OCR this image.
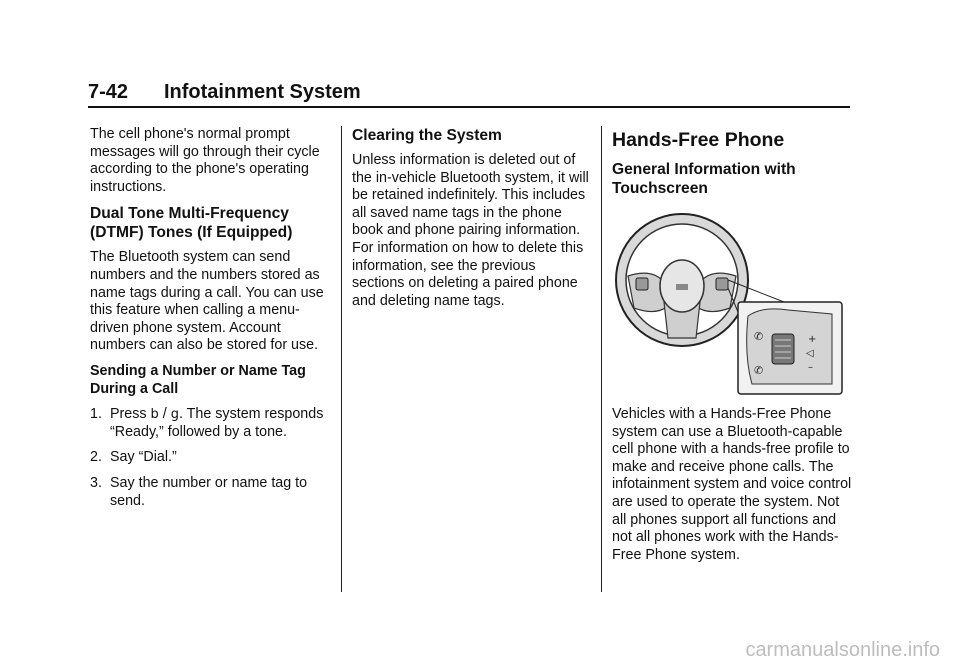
7-42 Infotainment System

The cell phone's normal prompt messages will go through their cycle according to the phone's operating instructions.

Dual Tone Multi-Frequency (DTMF) Tones (If Equipped)

The Bluetooth system can send numbers and the numbers stored as name tags during a call. You can use this feature when calling a menu-driven phone system. Account numbers can also be stored for use.

Sending a Number or Name Tag During a Call
1. Press b / g. The system responds “Ready,” followed by a tone.
2. Say “Dial.”
3. Say the number or name tag to send.
Clearing the System

Unless information is deleted out of the in-vehicle Bluetooth system, it will be retained indefinitely. This includes all saved name tags in the phone book and phone pairing information. For information on how to delete this information, see the previous sections on deleting a paired phone and deleting name tags.

Hands-Free Phone
General Information with Touchscreen
✆
✆
+
◁
–

Vehicles with a Hands-Free Phone system can use a Bluetooth-capable cell phone with a hands-free profile to make and receive phone calls. The infotainment system and voice control are used to operate the system. Not all phones support all functions and not all phones work with the Hands-Free Phone system.

carmanualsonline.info
